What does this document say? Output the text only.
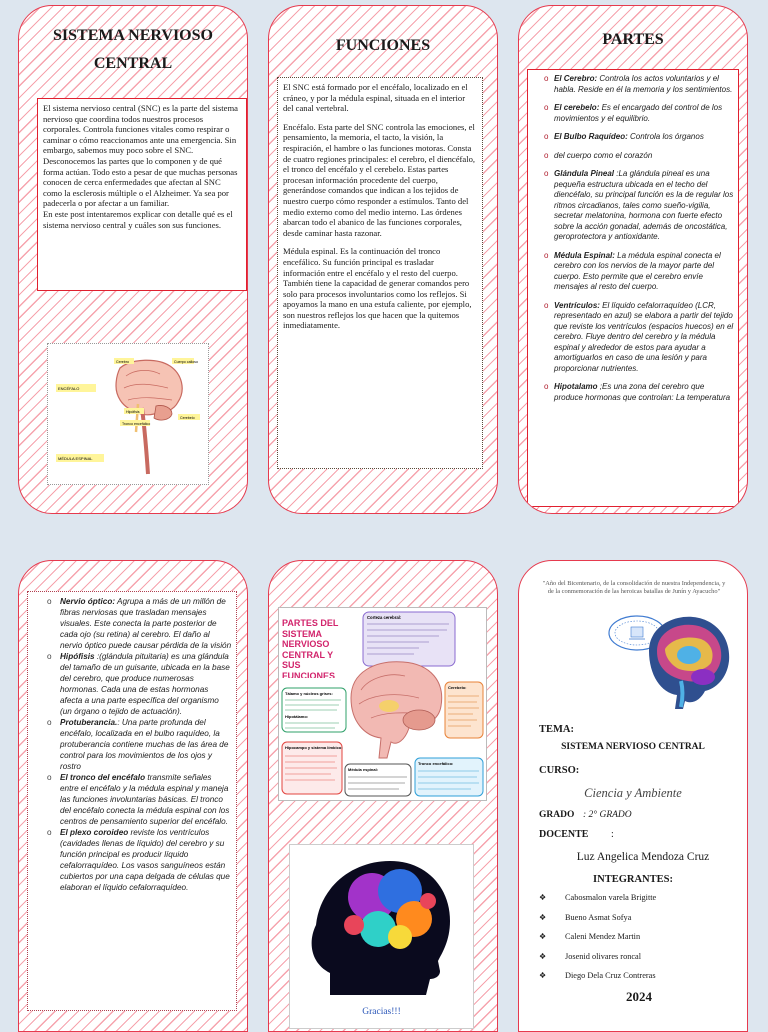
SISTEMA NERVIOSO
CENTRAL

El sistema nervioso central (SNC) es la parte del sistema nervioso que coordina todos nuestros procesos corporales. Controla funciones vitales como respirar o caminar o cómo reaccionamos ante una emergencia. Sin embargo, sabemos muy poco sobre el SNC. Desconocemos las partes que lo componen y de qué forma actúan. Todo esto a pesar de que muchas personas conocen de cerca enfermedades que afectan al SNC como la esclerosis múltiple o el Alzheimer. Ya sea por padecerla o por afectar a un familiar.

En este post intentaremos explicar con detalle qué es el sistema nervioso central y cuáles son sus funciones.

ENCÉFALO
MÉDULA ESPINAL
Cerebro	Cuerpo calloso
Hipófisis
Cerebelo
Tronco encefálico
FUNCIONES

El SNC está formado por el encéfalo, localizado en el cráneo, y por la médula espinal, situada en el interior del canal vertebral.

Encéfalo. Esta parte del SNC controla las emociones, el pensamiento, la memoria, el tacto, la visión, la respiración, el hambre o las funciones motoras. Consta de cuatro regiones principales: el cerebro, el diencéfalo, el tronco del encéfalo y el cerebelo. Estas partes procesan información procedente del cuerpo, generándose comandos que indican a los tejidos de nuestro cuerpo cómo responder a estímulos. Tanto del medio externo como del medio interno. Las órdenes abarcan todo el abanico de las funciones corporales, desde caminar hasta razonar.

Médula espinal. Es la continuación del tronco encefálico. Su función principal es trasladar información entre el encéfalo y el resto del cuerpo. También tiene la capacidad de generar comandos pero solo para procesos involuntarios como los reflejos. Si apoyamos la mano en una estufa caliente, por ejemplo, son nuestros reflejos los que hacen que la quitemos inmediatamente.

PARTES
o El Cerebro: Controla los actos voluntarios y el habla. Reside en él la memoria y los sentimientos.
o El cerebelo: Es el encargado del control de los movimientos y el equilibrio.
o El Bulbo Raquídeo: Controla los órganos
o del cuerpo como el corazón
o Glándula Pineal :La glándula pineal es una pequeña estructura ubicada en el techo del diencéfalo, su principal función es la de regular los ritmos circadianos, tales como sueño-vigilia, secretar melatonina, hormona con fuerte efecto sobre la acción gonadal, además de oncostática, geroprotectora y antioxidante.
o Médula Espinal: La médula espinal conecta el cerebro con los nervios de la mayor parte del cuerpo. Esto permite que el cerebro envíe mensajes al resto del cuerpo.
o Ventrículos: El líquido cefalorraquídeo (LCR, representado en azul) se elabora a partir del tejido que reviste los ventrículos (espacios huecos) en el cerebro. Fluye dentro del cerebro y la médula espinal y alrededor de estos para ayudar a amortiguarlos en caso de una lesión y para proporcionar nutrientes.
o Hipotalamo ;Es una zona del cerebro que produce hormonas que controlan: La temperatura
o Nervio óptico: Agrupa a más de un millón de fibras nerviosas que trasladan mensajes visuales. Este conecta la parte posterior de cada ojo (su retina) al cerebro. El daño al nervio óptico puede causar pérdida de la visión
o Hipófisis :(glándula pituitaria) es una glándula del tamaño de un guisante, ubicada en la base del cerebro, que produce numerosas hormonas. Cada una de estas hormonas afecta a una parte específica del organismo (un órgano o tejido de actuación).
o Protuberancia.: Una parte profunda del encéfalo, localizada en el bulbo raquídeo, la protuberancia contiene muchas de las área de control para los movimientos de los ojos y rostro
o El tronco del encéfalo transmite señales entre el encéfalo y la médula espinal y maneja las funciones involuntarias básicas. El tronco del encéfalo conecta la médula espinal con los centros de pensamiento superior del encéfalo.
o El plexo coroideo reviste los ventrículos (cavidades llenas de líquido) del cerebro y su función principal es producir líquido cefalorraquídeo. Los vasos sanguíneos están cubiertos por una capa delgada de células que elaboran el líquido cefalorraquídeo.
PARTES DEL SISTEMA NERVIOSO CENTRAL Y SUS FUNCIONES
Corteza cerebral:
Cerebelo:
Tálamo y núcleos grises:
Hipotálamo:
Hipocampo y sistema límbico:
Médula espinal:
Tronco encefálico:
Gracias!!!
"Año del Bicentenario, de la consolidación de nuestra Independencia, y de la conmemoración de las heroicas batallas de Junín y Ayacucho"
TEMA:
SISTEMA NERVIOSO CENTRAL
CURSO:
Ciencia y Ambiente
GRADO : 2° GRADO
DOCENTE :
Luz Angelica Mendoza Cruz
INTEGRANTES:
❖ Cabosmalon varela Brigitte
❖ Bueno Asmat Sofya
❖ Caleni Mendez Martin
❖ Josenid olivares roncal
❖ Diego Dela Cruz Contreras
2024
